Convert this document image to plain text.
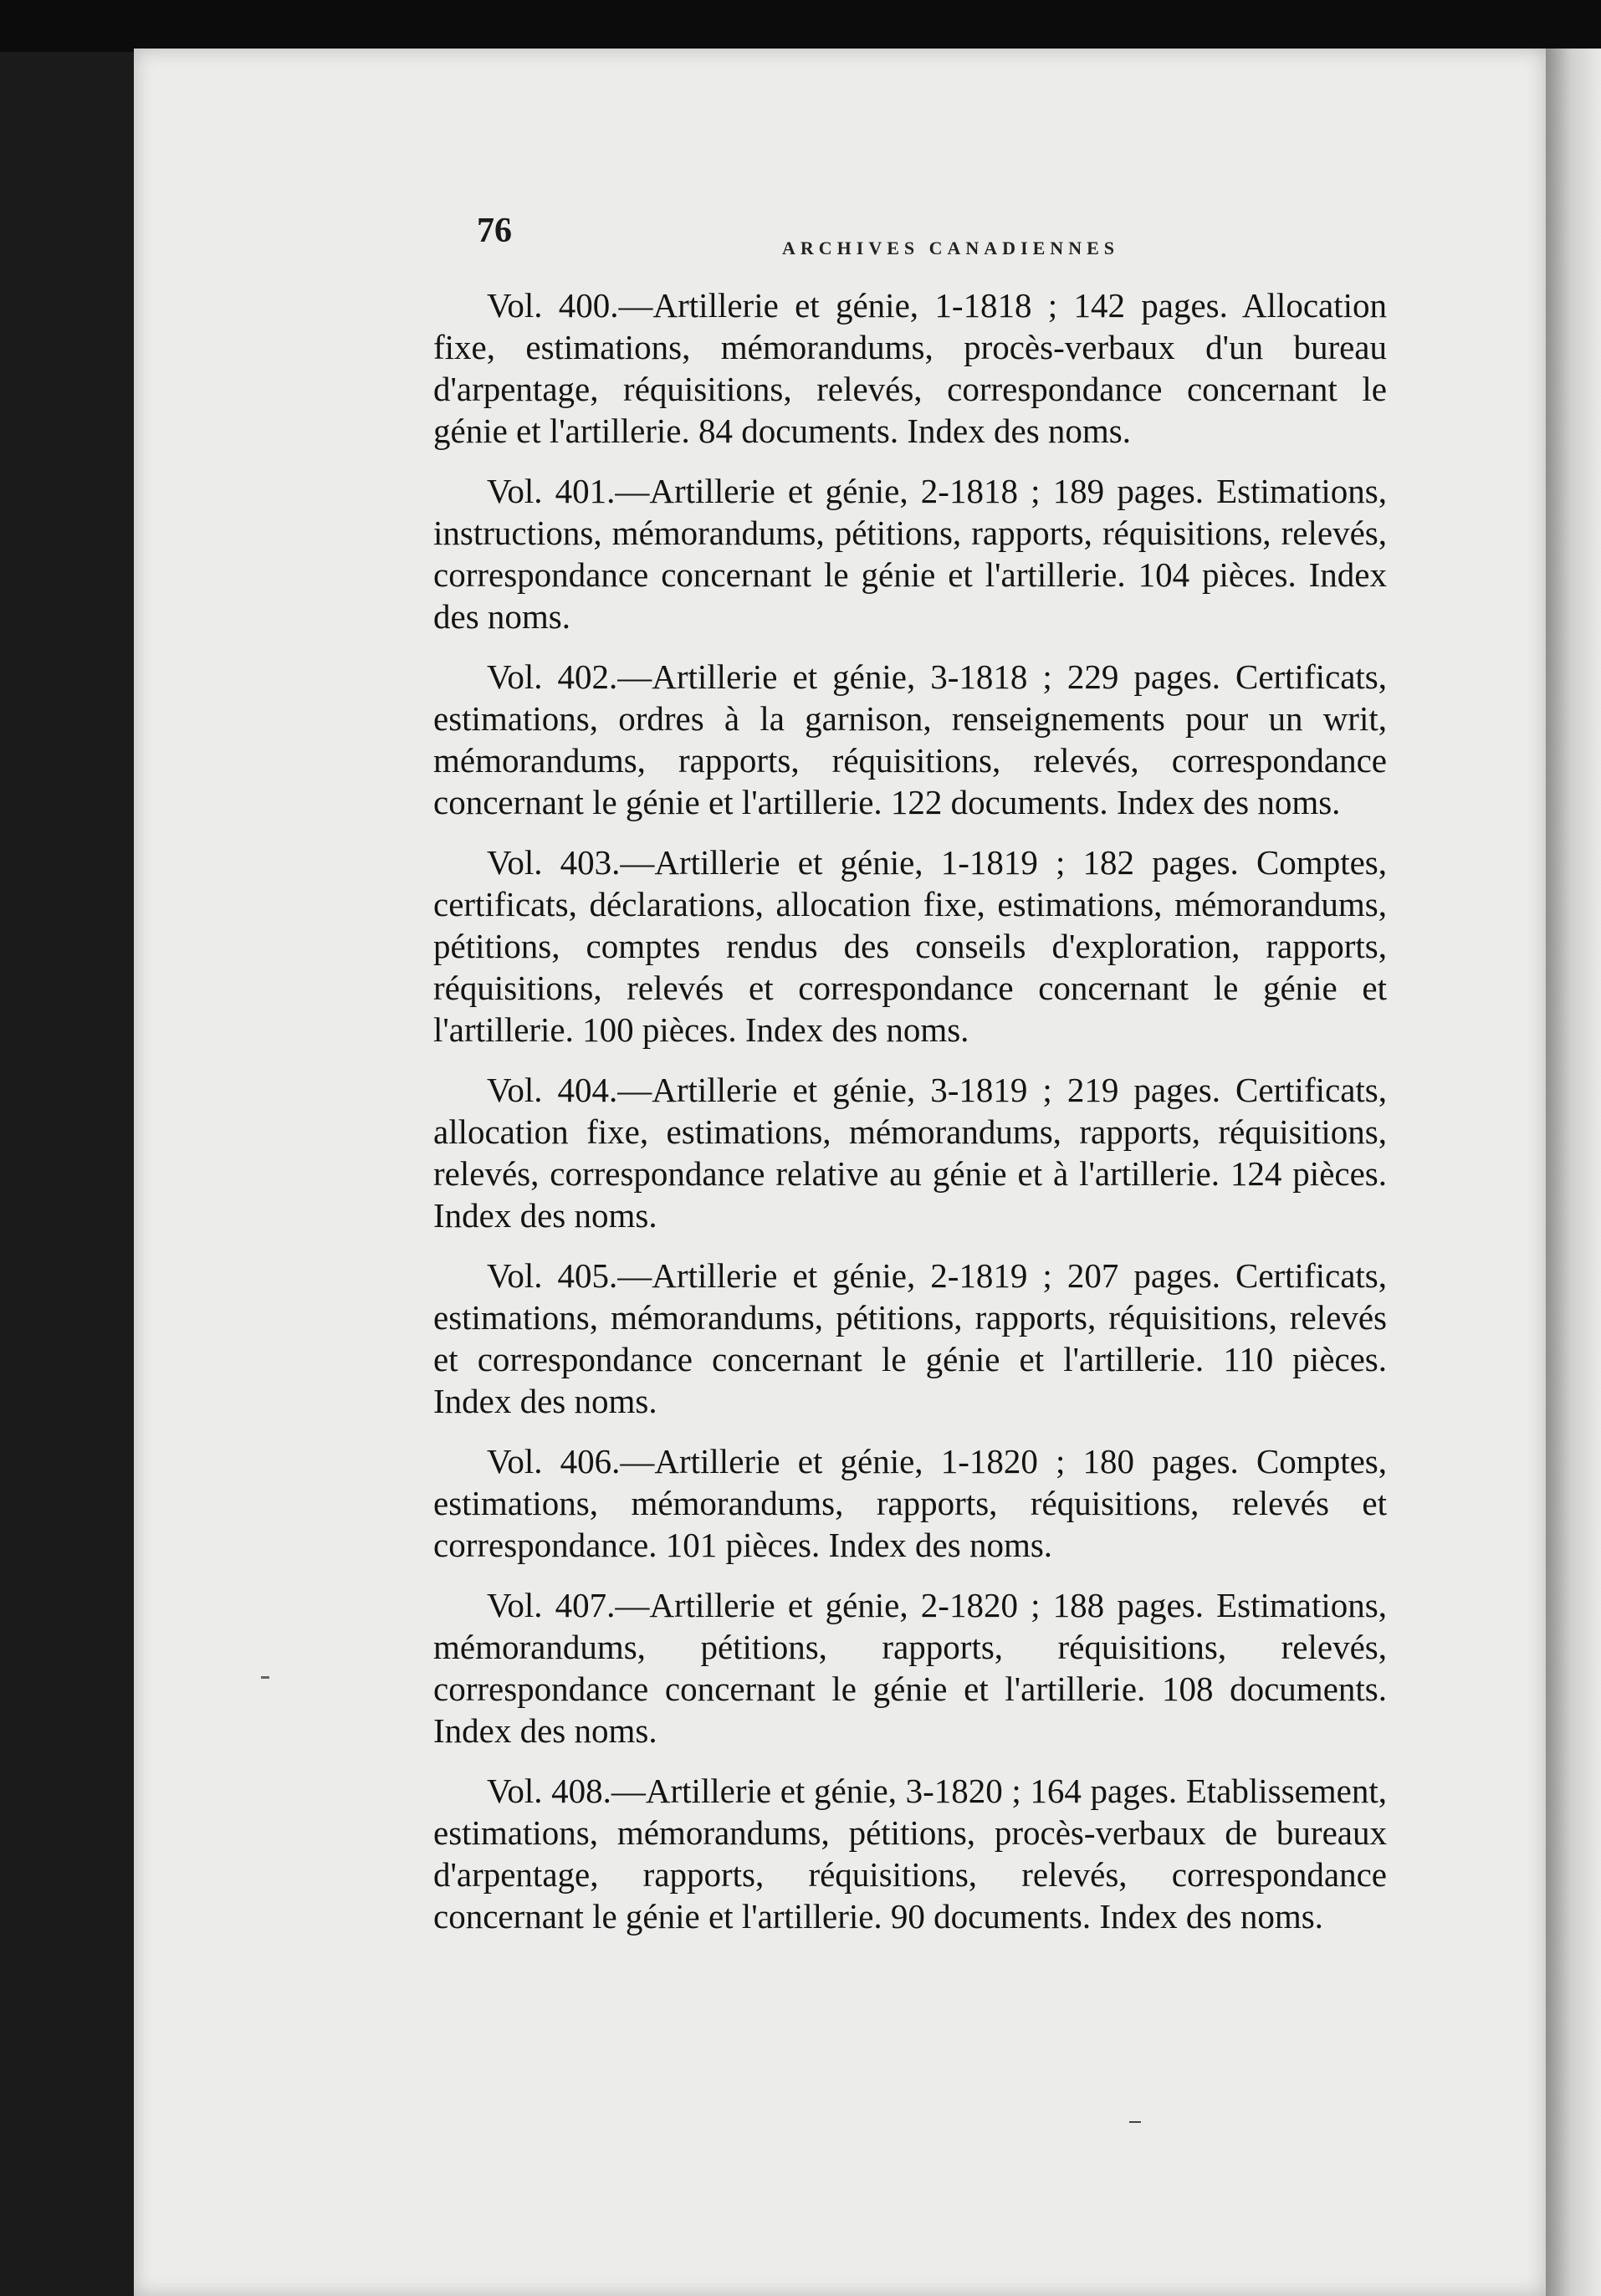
76	ARCHIVES CANADIENNES

Vol. 400.—Artillerie et génie, 1-1818 ; 142 pages. Allocation fixe, estimations, mémorandums, procès-verbaux d'un bureau d'arpentage, réquisitions, relevés, correspondance concernant le génie et l'artillerie. 84 documents. Index des noms.

Vol. 401.—Artillerie et génie, 2-1818 ; 189 pages. Estimations, instructions, mémorandums, pétitions, rapports, réquisitions, relevés, correspondance concernant le génie et l'artillerie. 104 pièces. Index des noms.

Vol. 402.—Artillerie et génie, 3-1818 ; 229 pages. Certificats, estimations, ordres à la garnison, renseignements pour un writ, mémorandums, rapports, réquisitions, relevés, correspondance concernant le génie et l'artillerie. 122 documents. Index des noms.

Vol. 403.—Artillerie et génie, 1-1819 ; 182 pages. Comptes, certificats, déclarations, allocation fixe, estimations, mémorandums, pétitions, comptes rendus des conseils d'exploration, rapports, réquisitions, relevés et correspondance concernant le génie et l'artillerie. 100 pièces. Index des noms.

Vol. 404.—Artillerie et génie, 3-1819 ; 219 pages. Certificats, allocation fixe, estimations, mémorandums, rapports, réquisitions, relevés, correspondance relative au génie et à l'artillerie. 124 pièces. Index des noms.

Vol. 405.—Artillerie et génie, 2-1819 ; 207 pages. Certificats, estimations, mémorandums, pétitions, rapports, réquisitions, relevés et correspondance concernant le génie et l'artillerie. 110 pièces. Index des noms.

Vol. 406.—Artillerie et génie, 1-1820 ; 180 pages. Comptes, estimations, mémorandums, rapports, réquisitions, relevés et correspondance. 101 pièces. Index des noms.

Vol. 407.—Artillerie et génie, 2-1820 ; 188 pages. Estimations, mémorandums, pétitions, rapports, réquisitions, relevés, correspondance concernant le génie et l'artillerie. 108 documents. Index des noms.

Vol. 408.—Artillerie et génie, 3-1820 ; 164 pages. Etablissement, estimations, mémorandums, pétitions, procès-verbaux de bureaux d'arpentage, rapports, réquisitions, relevés, correspondance concernant le génie et l'artillerie. 90 documents. Index des noms.
